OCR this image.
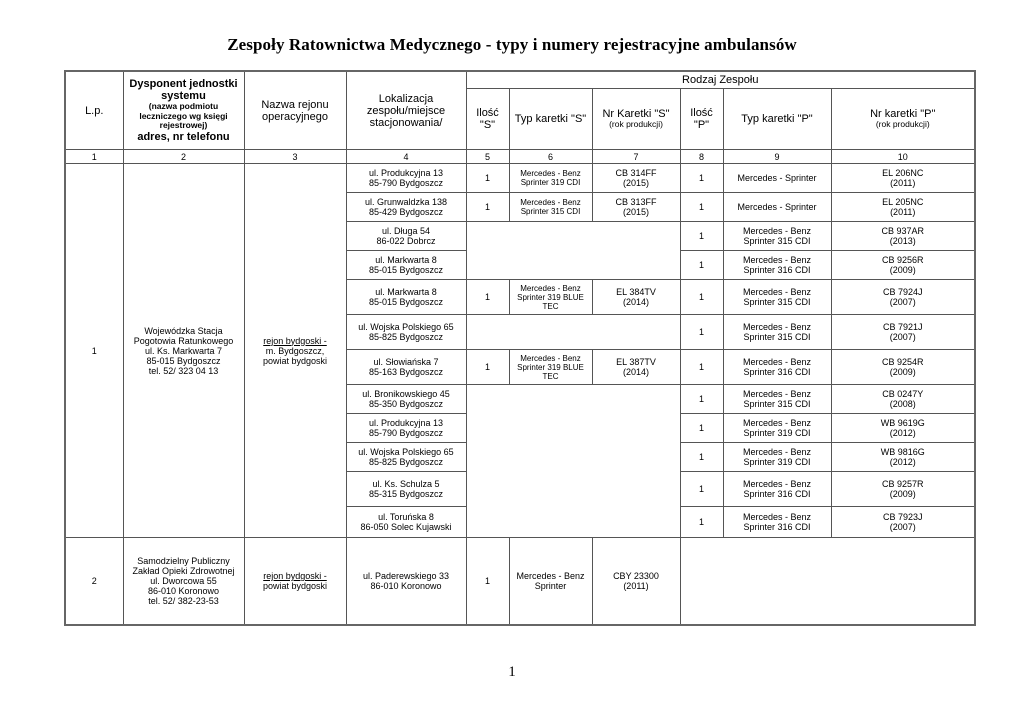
Zespoły Ratownictwa Medycznego - typy i numery rejestracyjne ambulansów
L.p.	Dysponent jednostki systemu
(nazwa podmiotu leczniczego wg księgi rejestrowej)
adres, nr telefonu	Nazwa rejonu operacyjnego	Lokalizacja zespołu/miejsce stacjonowania/	Rodzaj Zespołu					
				Ilość "S"	Typ karetki "S"	Nr Karetki "S"
(rok produkcji)	Ilość "P"	Typ karetki "P"	Nr karetki "P"
(rok produkcji)

1	2	3	4	5	6	7	8	9	10
1	Wojewódzka Stacja
Pogotowia Ratunkowego
ul. Ks. Markwarta 7
85-015 Bydgoszcz
tel. 52/ 323 04 13	rejon bydgoski -
m. Bydgoszcz,
powiat bydgoski	ul. Produkcyjna 13
85-790 Bydgoszcz	1	Mercedes - Benz
Sprinter 319 CDI	CB 314FF
(2015)	1	Mercedes - Sprinter	EL 206NC
(2011)
			ul. Grunwaldzka 138
85-429 Bydgoszcz	1	Mercedes - Benz
Sprinter 315 CDI	CB 313FF
(2015)	1	Mercedes - Sprinter	EL 205NC
(2011)
			ul. Długa 54
86-022 Dobrcz				1	Mercedes - Benz
Sprinter 315 CDI	CB 937AR
(2013)
			ul. Markwarta 8
85-015 Bydgoszcz				1	Mercedes - Benz
Sprinter 316 CDI	CB 9256R
(2009)
			ul. Markwarta 8
85-015 Bydgoszcz	1	Mercedes - Benz
Sprinter 319 BLUE
TEC	EL 384TV
(2014)	1	Mercedes - Benz
Sprinter 315 CDI	CB 7924J
(2007)
			ul. Wojska Polskiego 65
85-825 Bydgoszcz				1	Mercedes - Benz
Sprinter 315 CDI	CB 7921J
(2007)
			ul. Słowiańska 7
85-163 Bydgoszcz	1	Mercedes - Benz
Sprinter 319 BLUE
TEC	EL 387TV
(2014)	1	Mercedes - Benz
Sprinter 316 CDI	CB 9254R
(2009)
			ul. Bronikowskiego 45
85-350 Bydgoszcz				1	Mercedes - Benz
Sprinter 315 CDI	CB 0247Y
(2008)
			ul. Produkcyjna 13
85-790 Bydgoszcz				1	Mercedes - Benz
Sprinter 319 CDI	WB 9619G
(2012)
			ul. Wojska Polskiego 65
85-825 Bydgoszcz				1	Mercedes - Benz
Sprinter 319 CDI	WB 9816G
(2012)
			ul. Ks. Schulza 5
85-315 Bydgoszcz				1	Mercedes - Benz
Sprinter 316 CDI	CB 9257R
(2009)
			ul. Toruńska 8
86-050 Solec Kujawski				1	Mercedes - Benz
Sprinter 316 CDI	CB 7923J
(2007)
2	Samodzielny Publiczny
Zakład Opieki Zdrowotnej
ul. Dworcowa 55
86-010 Koronowo
tel. 52/ 382-23-53	rejon bydgoski -
powiat bydgoski	ul. Paderewskiego 33
86-010 Koronowo	1	Mercedes - Benz
Sprinter	CBY 23300
(2011)			
1
